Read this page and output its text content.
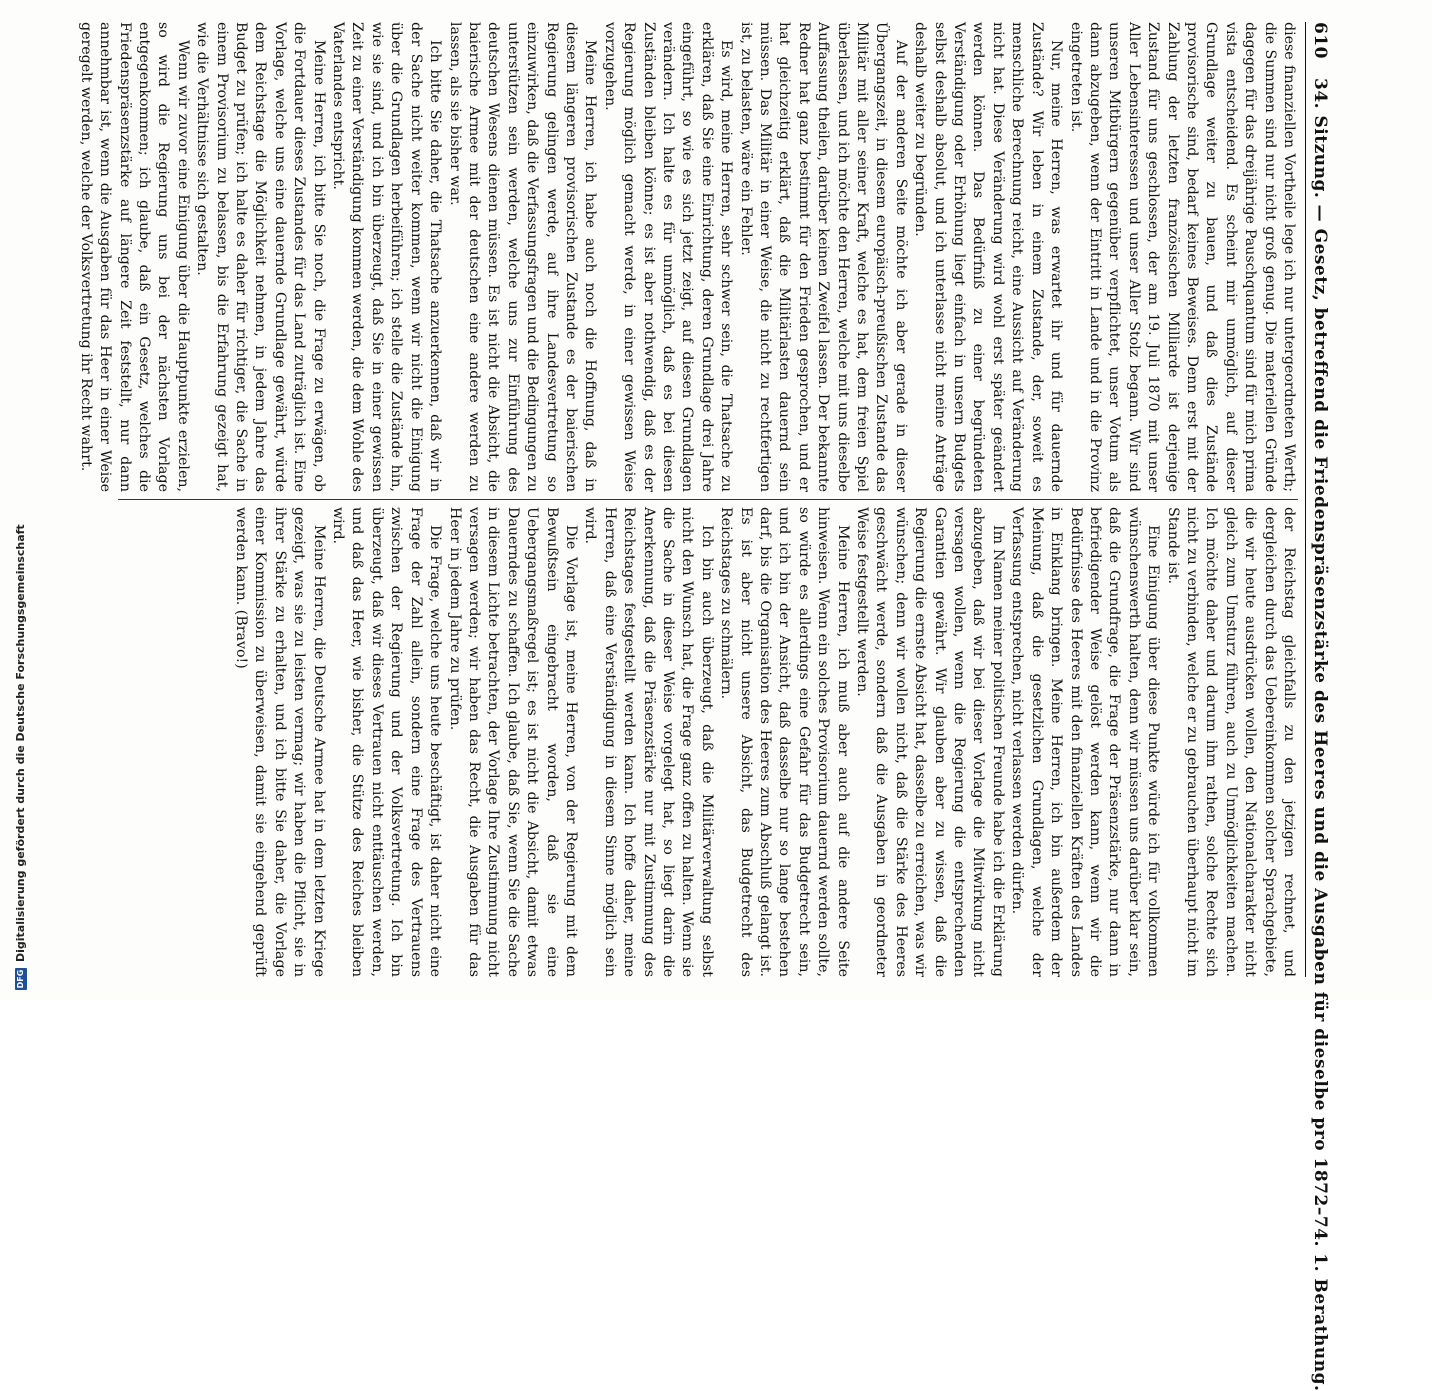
610
34. Sitzung. — Gesetz, betreffend die Friedenspräsenzstärke des Heeres und die Ausgaben für dieselbe pro 1872–74. 1. Berathung.

diese finanziellen Vortheile lege ich nur untergeordneten Werth; die Summen sind nur nicht groß genug. Die materiellen Gründe dagegen für das dreijährige Pauschquantum sind für mich prima vista entscheidend. Es scheint mir unmöglich, auf dieser Grundlage weiter zu bauen, und daß dies Zustände provisorische sind, bedarf keines Beweises. Denn erst mit der Zahlung der letzten französischen Milliarde ist derjenige Zustand für uns geschlossen, der am 19. Juli 1870 mit unser Aller Lebensinteressen und unser Aller Stolz begann. Wir sind unseren Mitbürgern gegenüber verpflichtet, unser Votum als dann abzugeben, wenn der Eintritt in Lande und in die Provinz eingetreten ist.

Nur, meine Herren, was erwartet ihr und für dauernde Zustände? Wir leben in einem Zustande, der, soweit es menschliche Berechnung reicht, eine Aussicht auf Veränderung nicht hat. Diese Veränderung wird wohl erst später geändert werden können. Das Bedürfniß zu einer begründeten Verständigung oder Erhöhung liegt einfach in unsern Budgets selbst deshalb absolut, und ich unterlasse nicht meine Anträge deshalb weiter zu begründen.

Auf der anderen Seite möchte ich aber gerade in dieser Übergangszeit, in diesem europäisch-preußischen Zustande das Militär mit aller seiner Kraft, welche es hat, dem freien Spiel überlassen, und ich möchte den Herren, welche mit uns dieselbe Auffassung theilen, darüber keinen Zweifel lassen. Der bekannte Redner hat ganz bestimmt für den Frieden gesprochen, und er hat gleichzeitig erklärt, daß die Militärlasten dauernd sein müssen. Das Militär in einer Weise, die nicht zu rechtfertigen ist, zu belasten, wäre ein Fehler.

Es wird, meine Herren, sehr schwer sein, die Thatsache zu erklären, daß Sie eine Einrichtung, deren Grundlage drei Jahre eingeführt, so wie es sich jetzt zeigt, auf diesen Grundlagen verändern. Ich halte es für unmöglich, daß es bei diesen Zuständen bleiben könne; es ist aber nothwendig, daß es der Regierung möglich gemacht werde, in einer gewissen Weise vorzugehen.

Meine Herren, ich habe auch noch die Hoffnung, daß in diesem längeren provisorischen Zustande es der baierischen Regierung gelingen werde, auf ihre Landesvertretung so einzuwirken, daß die Verfassungsfragen und die Bedingungen zu unterstützen sein werden, welche uns zur Einführung des deutschen Wesens dienen müssen. Es ist nicht die Absicht, die baierische Armee mit der deutschen eine andere werden zu lassen, als sie bisher war.

Ich bitte Sie daher, die Thatsache anzuerkennen, daß wir in der Sache nicht weiter kommen, wenn wir nicht die Einigung über die Grundlagen herbeiführen; ich stelle die Zustände hin, wie sie sind, und ich bin überzeugt, daß Sie in einer gewissen Zeit zu einer Verständigung kommen werden, die dem Wohle des Vaterlandes entspricht.

Meine Herren, ich bitte Sie noch, die Frage zu erwägen, ob die Fortdauer dieses Zustandes für das Land zuträglich ist. Eine Vorlage, welche uns eine dauernde Grundlage gewährt, würde dem Reichstage die Möglichkeit nehmen, in jedem Jahre das Budget zu prüfen; ich halte es daher für richtiger, die Sache in einem Provisorium zu belassen, bis die Erfahrung gezeigt hat, wie die Verhältnisse sich gestalten.

Wenn wir zuvor eine Einigung über die Hauptpunkte erzielen, so wird die Regierung uns bei der nächsten Vorlage entgegenkommen; ich glaube, daß ein Gesetz, welches die Friedenspräsenzstärke auf längere Zeit feststellt, nur dann annehmbar ist, wenn die Ausgaben für das Heer in einer Weise geregelt werden, welche der Volksvertretung ihr Recht wahrt.

der Reichstag gleichfalls zu den jetzigen rechnet, und dergleichen durch das Uebereinkommen solcher Sprachgebiete, die wir heute ausdrücken wollen, den Nationalcharakter nicht gleich zum Umsturz führen, auch zu Unmöglichkeiten machen. Ich möchte daher und darum ihm rathen, solche Rechte sich nicht zu verbinden, welche er zu gebrauchen überhaupt nicht im Stande ist.

Eine Einigung über diese Punkte würde ich für vollkommen wünschenswerth halten, denn wir müssen uns darüber klar sein, daß die Grundfrage, die Frage der Präsenzstärke, nur dann in befriedigender Weise gelöst werden kann, wenn wir die Bedürfnisse des Heeres mit den finanziellen Kräften des Landes in Einklang bringen. Meine Herren, ich bin außerdem der Meinung, daß die gesetzlichen Grundlagen, welche der Verfassung entsprechen, nicht verlassen werden dürfen.

Im Namen meiner politischen Freunde habe ich die Erklärung abzugeben, daß wir bei dieser Vorlage die Mitwirkung nicht versagen wollen, wenn die Regierung die entsprechenden Garantien gewährt. Wir glauben aber zu wissen, daß die Regierung die ernste Absicht hat, dasselbe zu erreichen, was wir wünschen; denn wir wollen nicht, daß die Stärke des Heeres geschwächt werde, sondern daß die Ausgaben in geordneter Weise festgestellt werden.

Meine Herren, ich muß aber auch auf die andere Seite hinweisen. Wenn ein solches Provisorium dauernd werden sollte, so würde es allerdings eine Gefahr für das Budgetrecht sein, und ich bin der Ansicht, daß dasselbe nur so lange bestehen darf, bis die Organisation des Heeres zum Abschluß gelangt ist. Es ist aber nicht unsere Absicht, das Budgetrecht des Reichstages zu schmälern.

Ich bin auch überzeugt, daß die Militärverwaltung selbst nicht den Wunsch hat, die Frage ganz offen zu halten. Wenn sie die Sache in dieser Weise vorgelegt hat, so liegt darin die Anerkennung, daß die Präsenzstärke nur mit Zustimmung des Reichstages festgestellt werden kann. Ich hoffe daher, meine Herren, daß eine Verständigung in diesem Sinne möglich sein wird.

Die Vorlage ist, meine Herren, von der Regierung mit dem Bewußtsein eingebracht worden, daß sie eine Uebergangsmaßregel ist; es ist nicht die Absicht, damit etwas Dauerndes zu schaffen. Ich glaube, daß Sie, wenn Sie die Sache in diesem Lichte betrachten, der Vorlage Ihre Zustimmung nicht versagen werden; wir haben das Recht, die Ausgaben für das Heer in jedem Jahre zu prüfen.

Die Frage, welche uns heute beschäftigt, ist daher nicht eine Frage der Zahl allein, sondern eine Frage des Vertrauens zwischen der Regierung und der Volksvertretung. Ich bin überzeugt, daß wir dieses Vertrauen nicht enttäuschen werden, und daß das Heer, wie bisher, die Stütze des Reiches bleiben wird.

Meine Herren, die Deutsche Armee hat in dem letzten Kriege gezeigt, was sie zu leisten vermag; wir haben die Pflicht, sie in ihrer Stärke zu erhalten, und ich bitte Sie daher, die Vorlage einer Kommission zu überweisen, damit sie eingehend geprüft werden kann. (Bravo!)

DFGDigitalisierung gefördert durch die Deutsche Forschungsgemeinschaft
